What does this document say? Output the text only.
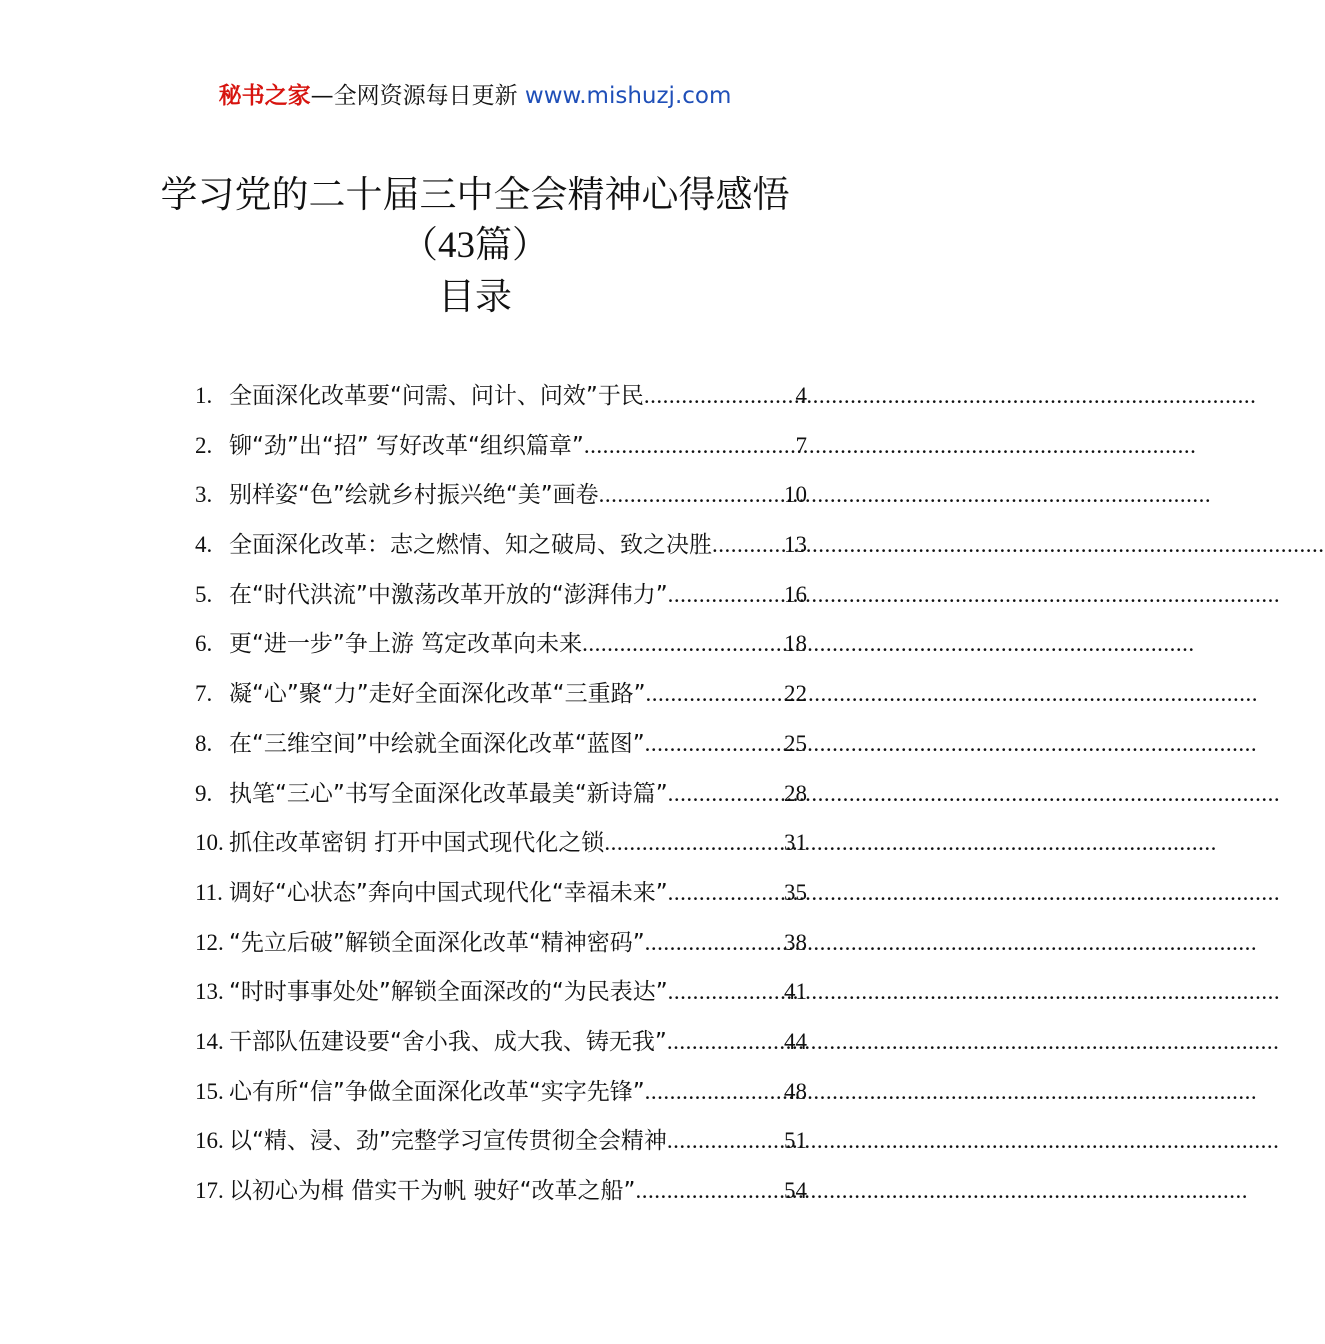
秘书之家—全网资源每日更新 www.mishuzj.com
学习党的二十届三中全会精神心得感悟
（43篇）
目录
1. 全面深化改革要“问需、问计、问效”于民 .....	4
2. 铆“劲”出“招” 写好改革“组织篇章” .....	7
3. 别样姿“色”绘就乡村振兴绝“美”画卷 .....	10
4. 全面深化改革：志之燃情、知之破局、致之决胜 .....	13
5. 在“时代洪流”中激荡改革开放的“澎湃伟力” .....	16
6. 更“进一步”争上游 笃定改革向未来 .....	18
7. 凝“心”聚“力”走好全面深化改革“三重路” .....	22
8. 在“三维空间”中绘就全面深化改革“蓝图” .....	25
9. 执笔“三心”书写全面深化改革最美“新诗篇” .....	28
10. 抓住改革密钥 打开中国式现代化之锁 .....	31
11. 调好“心状态”奔向中国式现代化“幸福未来” .....	35
12. “先立后破”解锁全面深化改革“精神密码” .....	38
13. “时时事事处处”解锁全面深改的“为民表达” .....	41
14. 干部队伍建设要“舍小我、成大我、铸无我” .....	44
15. 心有所“信”争做全面深化改革“实字先锋” .....	48
16. 以“精、浸、劲”完整学习宣传贯彻全会精神 .....	51
17. 以初心为楫 借实干为帆 驶好“改革之船” .....	54
